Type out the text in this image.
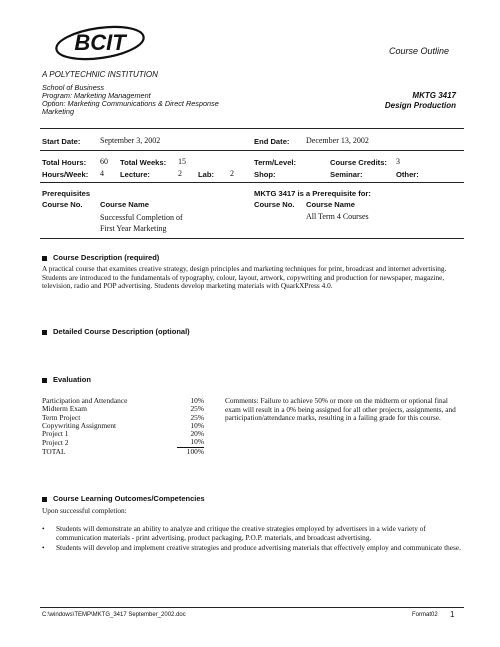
BCIT
A POLYTECHNIC INSTITUTION
Course Outline
School of Business
Program: Marketing Management
Option: Marketing Communications & Direct Response
Marketing
MKTG 3417
Design Production
Start Date: September 3, 2002	End Date: December 13, 2002
Total Hours: 60 Total Weeks: 15	Term/Level:	Course Credits: 3
Hours/Week: 4 Lecture:	2 Lab: 2	Shop:	Seminar:	Other:
Prerequisites
Course No. Course Name
Successful Completion of
First Year Marketing
MKTG 3417 is a Prerequisite for:
Course No. Course Name
All Term 4 Courses
Course Description (required)
A practical course that examines creative strategy, design principles and marketing techniques for print, broadcast and internet advertising. Students are introduced to the fundamentals of typography, colour, layout, artwork, copywriting and production for newspaper, magazine, television, radio and POP advertising. Students develop marketing materials with QuarkXPress 4.0.
Detailed Course Description (optional)
Evaluation
Participation and Attendance	10%
Midterm Exam	25%
Term Project	25%
Copywriting Assignment	10%
Project 1	20%
Project 2	10%
TOTAL	100%
Comments: Failure to achieve 50% or more on the midterm or optional final exam will result in a 0% being assigned for all other projects, assignments, and participation/attendance marks, resulting in a failing grade for this course.
Course Learning Outcomes/Competencies
Upon successful completion:
•	Students will demonstrate an ability to analyze and critique the creative strategies employed by advertisers in a wide variety of communication materials - print advertising, product packaging, P.O.P. materials, and broadcast advertising.
•	Students will develop and implement creative strategies and produce advertising materials that effectively employ and communicate these.
C:\windows\TEMP\MKTG_3417 September_2002.doc	Format02 1
